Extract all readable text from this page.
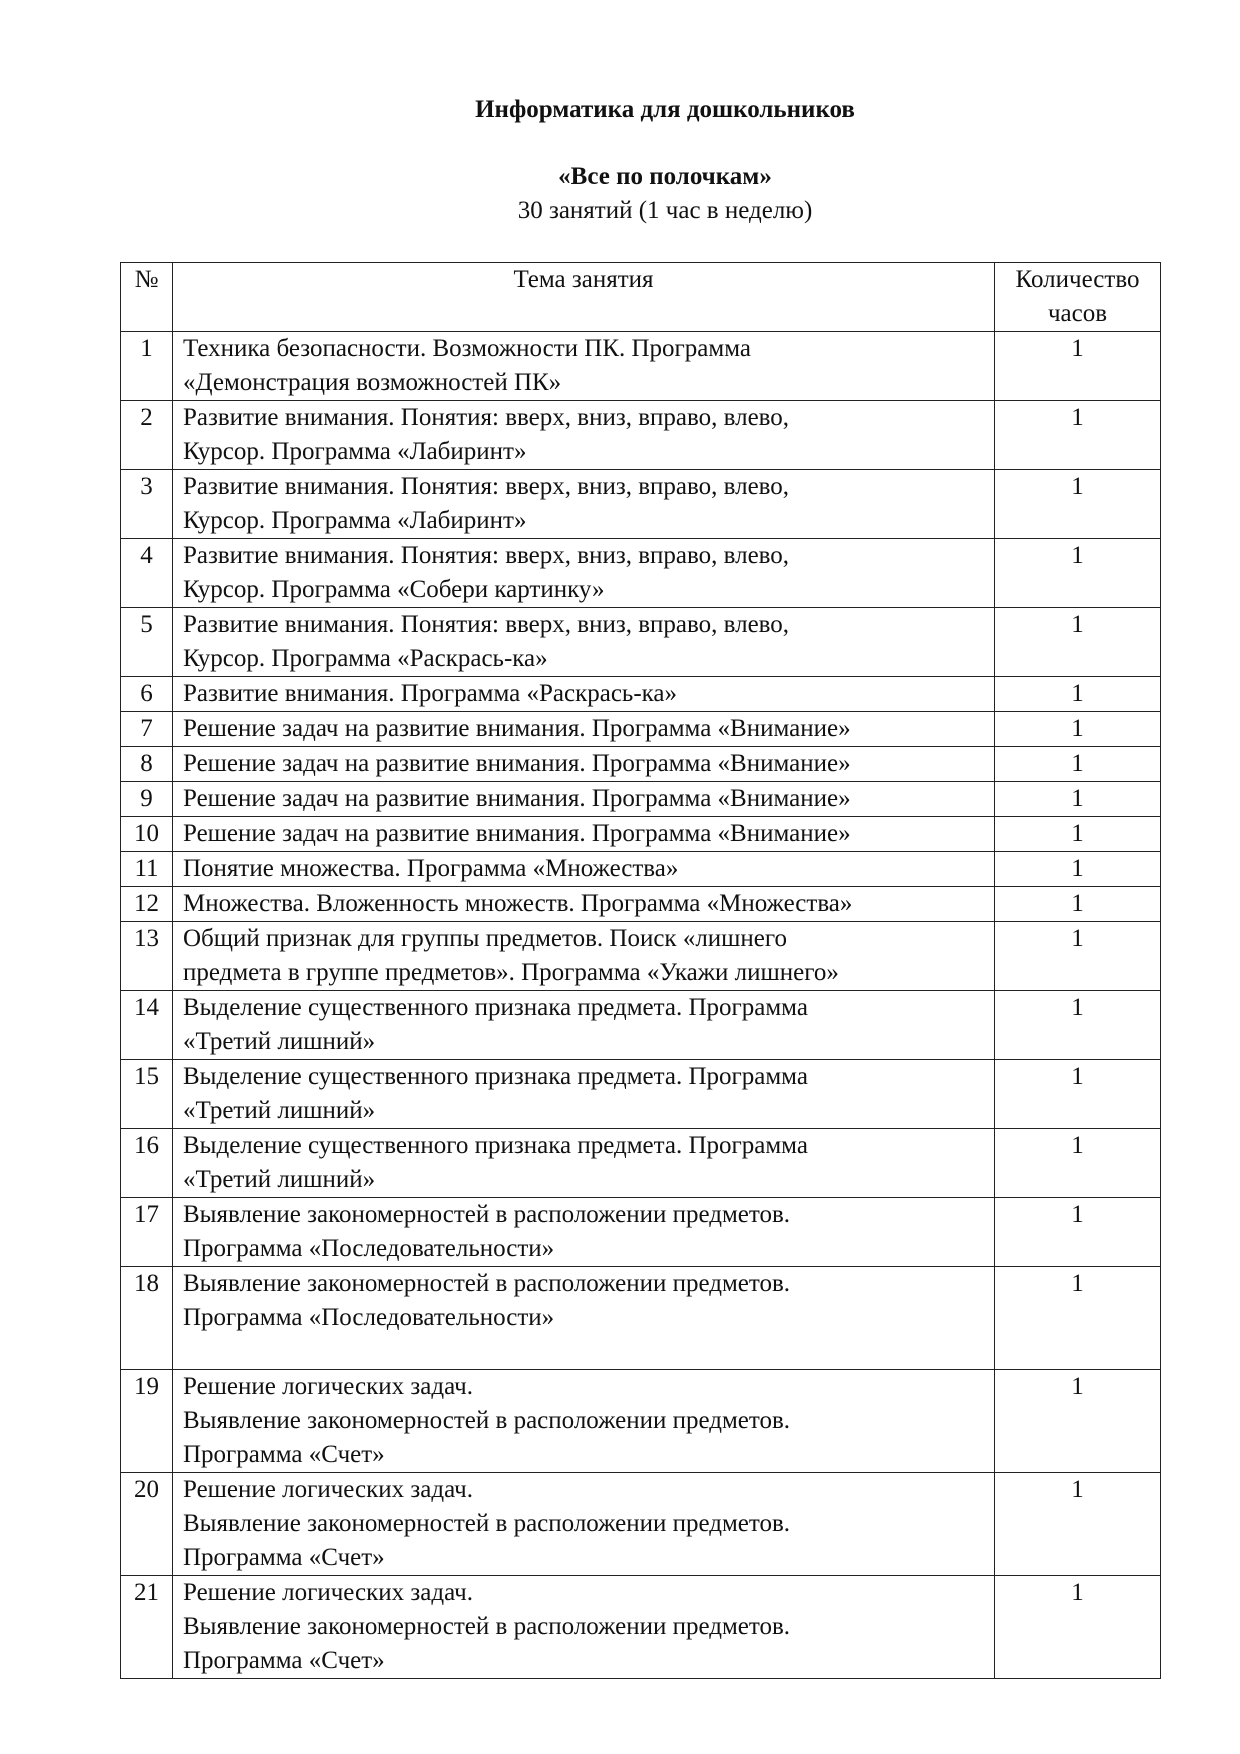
Информатика для дошкольников
«Все по полочкам»
30 занятий (1 час в неделю)
№	Тема занятия	Количество
часов

1	Техника безопасности. Возможности ПК. Программа
«Демонстрация возможностей ПК»	1
2	Развитие внимания. Понятия: вверх, вниз, вправо, влево,
Курсор. Программа «Лабиринт»	1
3	Развитие внимания. Понятия: вверх, вниз, вправо, влево,
Курсор. Программа «Лабиринт»	1
4	Развитие внимания. Понятия: вверх, вниз, вправо, влево,
Курсор. Программа «Собери картинку»	1
5	Развитие внимания. Понятия: вверх, вниз, вправо, влево,
Курсор. Программа «Раскрась-ка»	1
6	Развитие внимания. Программа «Раскрась-ка»	1
7	Решение задач на развитие внимания. Программа «Внимание»	1
8	Решение задач на развитие внимания. Программа «Внимание»	1
9	Решение задач на развитие внимания. Программа «Внимание»	1
10	Решение задач на развитие внимания. Программа «Внимание»	1
11	Понятие множества. Программа «Множества»	1
12	Множества. Вложенность множеств. Программа «Множества»	1
13	Общий признак для группы предметов. Поиск «лишнего
предмета в группе предметов». Программа «Укажи лишнего»	1
14	Выделение существенного признака предмета. Программа
«Третий лишний»	1
15	Выделение существенного признака предмета. Программа
«Третий лишний»	1
16	Выделение существенного признака предмета. Программа
«Третий лишний»	1
17	Выявление закономерностей в расположении предметов.
Программа «Последовательности»	1
18	Выявление закономерностей в расположении предметов.
Программа «Последовательности»	1
19	Решение логических задач.
Выявление закономерностей в расположении предметов.
Программа «Счет»	1
20	Решение логических задач.
Выявление закономерностей в расположении предметов.
Программа «Счет»	1
21	Решение логических задач.
Выявление закономерностей в расположении предметов.
Программа «Счет»	1
